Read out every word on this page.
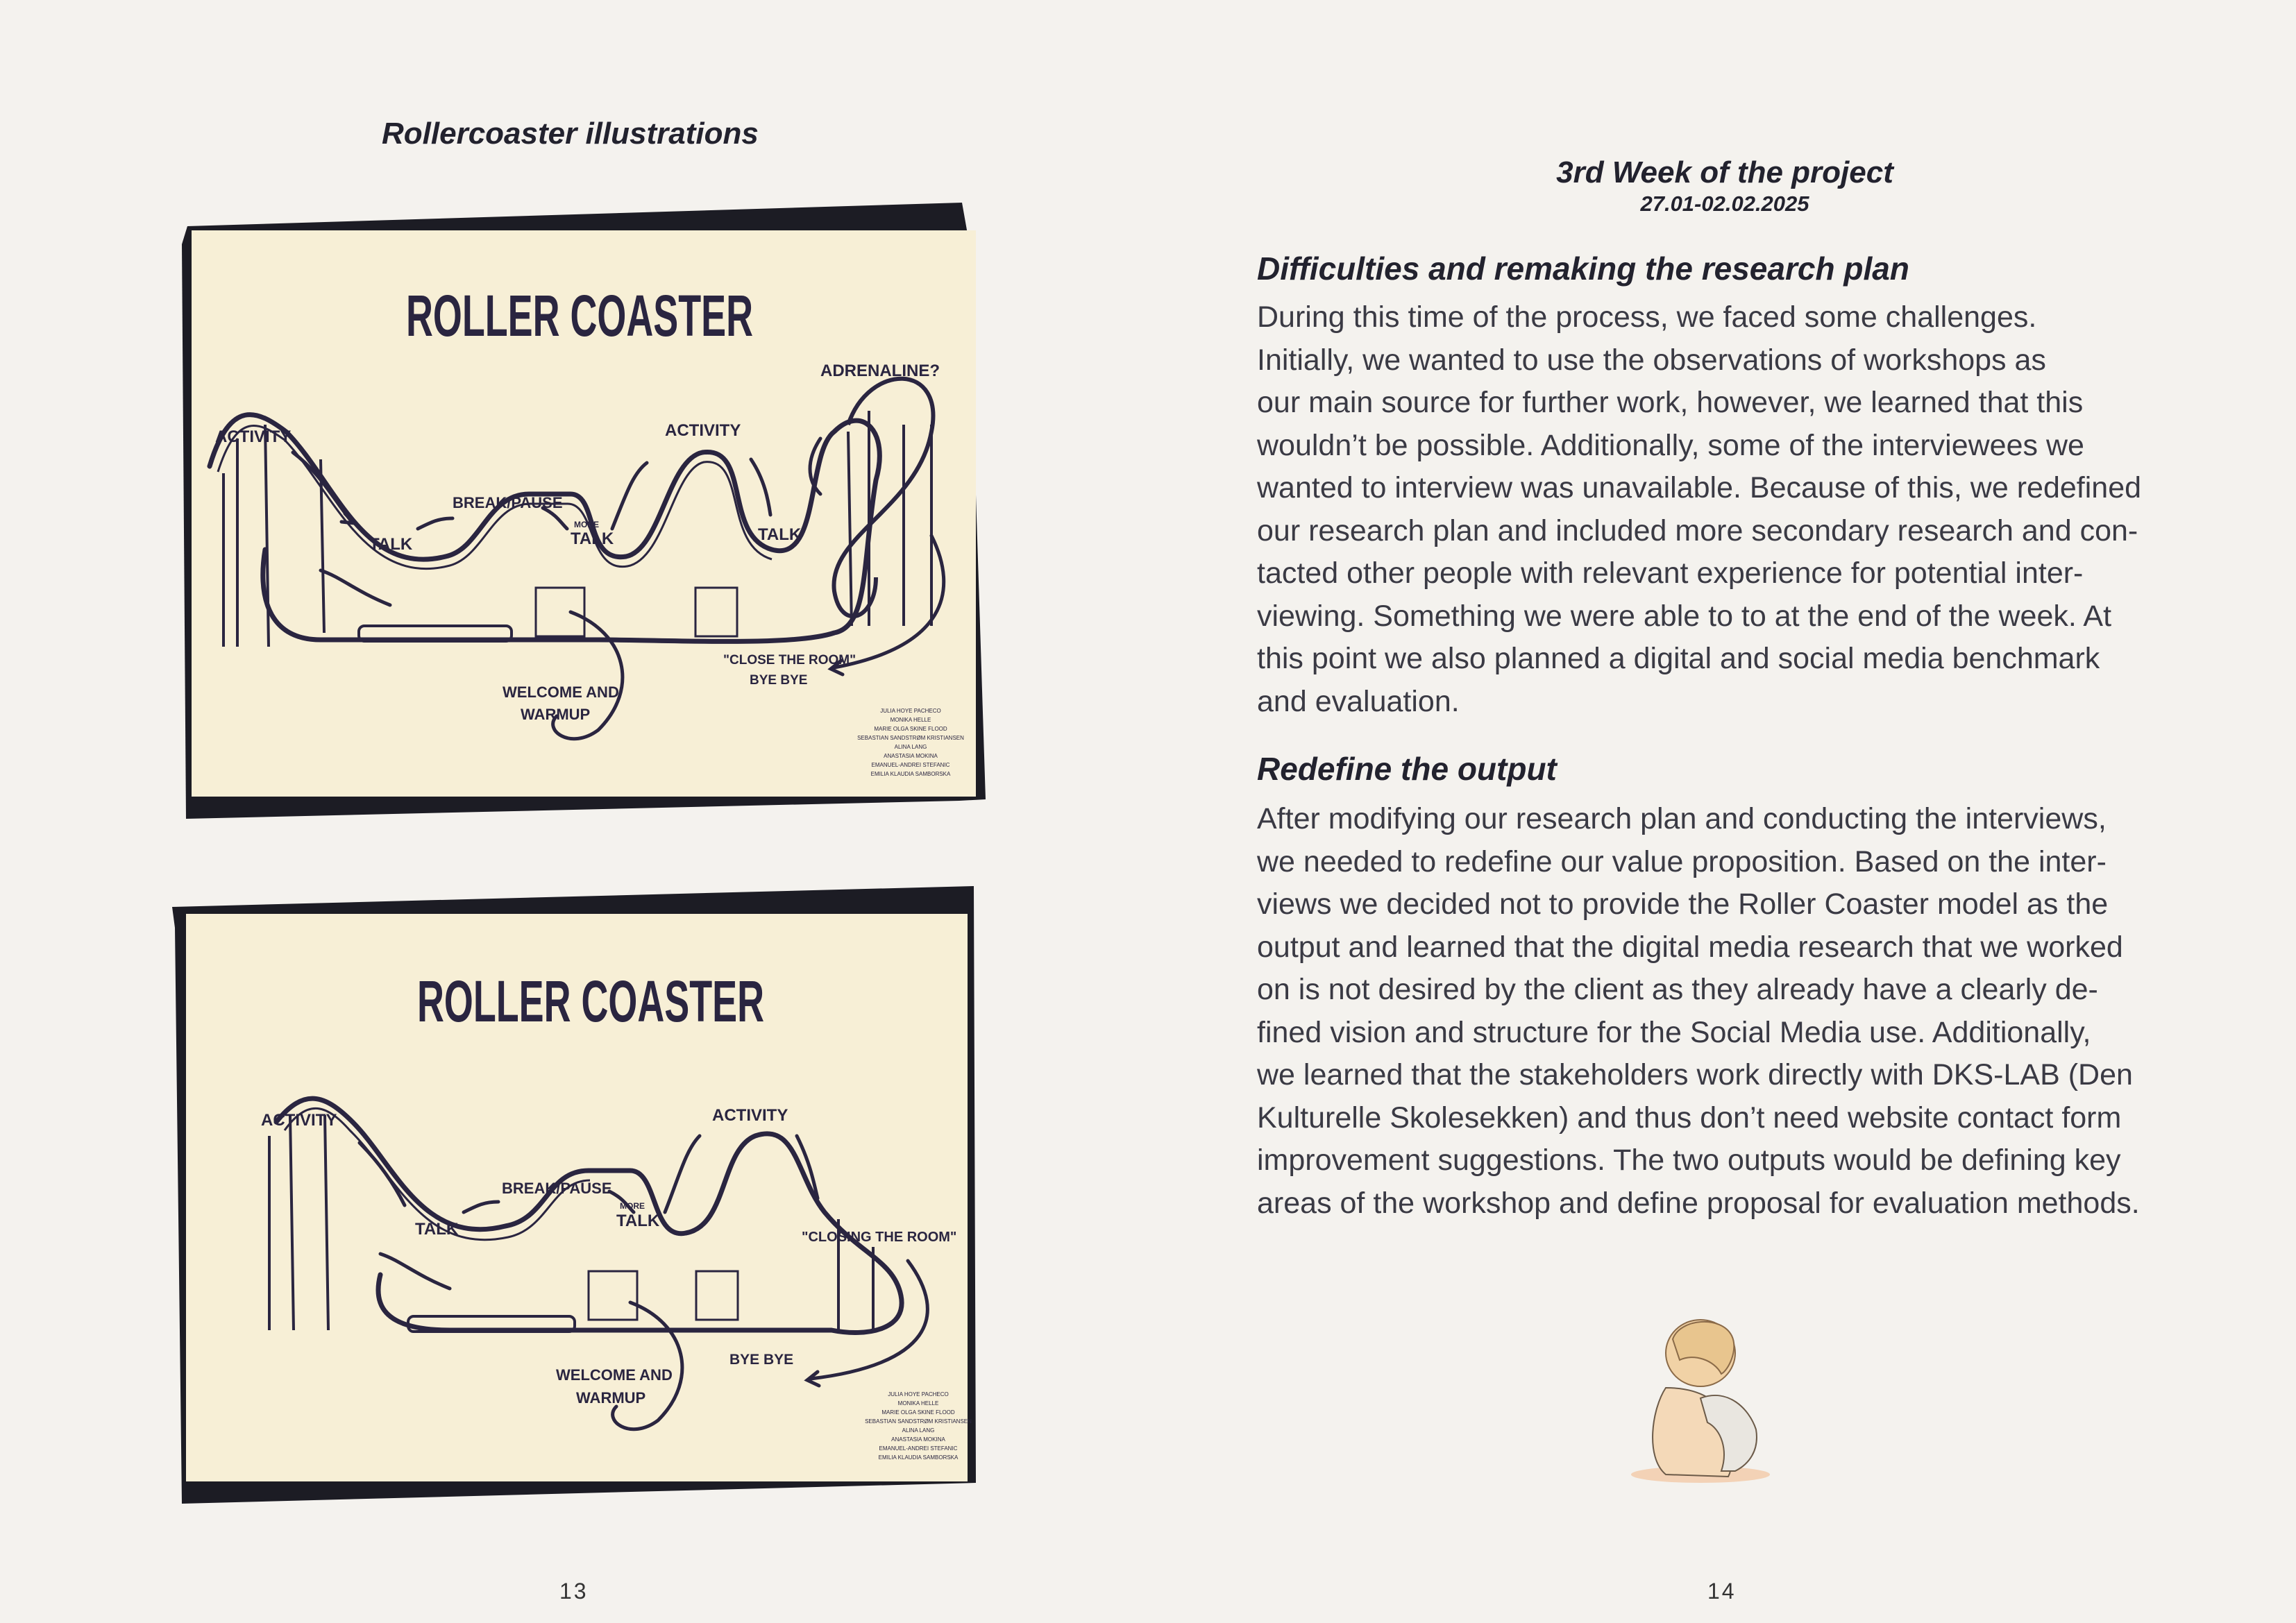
Rollercoaster illustrations
ROLLER COASTER
ACTIVITY
TALK
BREAK/PAUSE
MORE
TALK
ACTIVITY
TALK
ADRENALINE?
WELCOME AND
WARMUP
"CLOSE THE ROOM"
BYE BYE
JULIA HOYE PACHECO
MONIKA HELLE
MARIE OLGA SKINE FLOOD
SEBASTIAN SANDSTRØM KRISTIANSEN
ALINA LANG
ANASTASIA MOKINA
EMANUEL-ANDREI STEFANIC
EMILIA KLAUDIA SAMBORSKA
ROLLER COASTER
ACTIVITY
TALK
BREAK/PAUSE
MORE
TALK
ACTIVITY
"CLOSING THE ROOM"
WELCOME AND
WARMUP
BYE BYE
JULIA HOYE PACHECO
MONIKA HELLE
MARIE OLGA SKINE FLOOD
SEBASTIAN SANDSTRØM KRISTIANSEN
ALINA LANG
ANASTASIA MOKINA
EMANUEL-ANDREI STEFANIC
EMILIA KLAUDIA SAMBORSKA
13
3rd Week of the project
27.01-02.02.2025
Difficulties and remaking the research plan
During this time of the process, we faced some challenges.
Initially, we wanted to use the observations of workshops as
our main source for further work, however, we learned that this
wouldn’t be possible. Additionally, some of the interviewees we
wanted to interview was unavailable. Because of this, we redefined
our research plan and included more secondary research and con-
tacted other people with relevant experience for potential inter-
viewing. Something we were able to to at the end of the week. At
this point we also planned a digital and social media benchmark
and evaluation.
Redefine the output
After modifying our research plan and conducting the interviews,
we needed to redefine our value proposition. Based on the inter-
views we decided not to provide the Roller Coaster model as the
output and learned that the digital media research that we worked
on is not desired by the client as they already have a clearly de-
fined vision and structure for the Social Media use. Additionally,
we learned that the stakeholders work directly with DKS-LAB (Den
Kulturelle Skolesekken) and thus don’t need website contact form
improvement suggestions. The two outputs would be defining key
areas of the workshop and define proposal for evaluation methods.
14
